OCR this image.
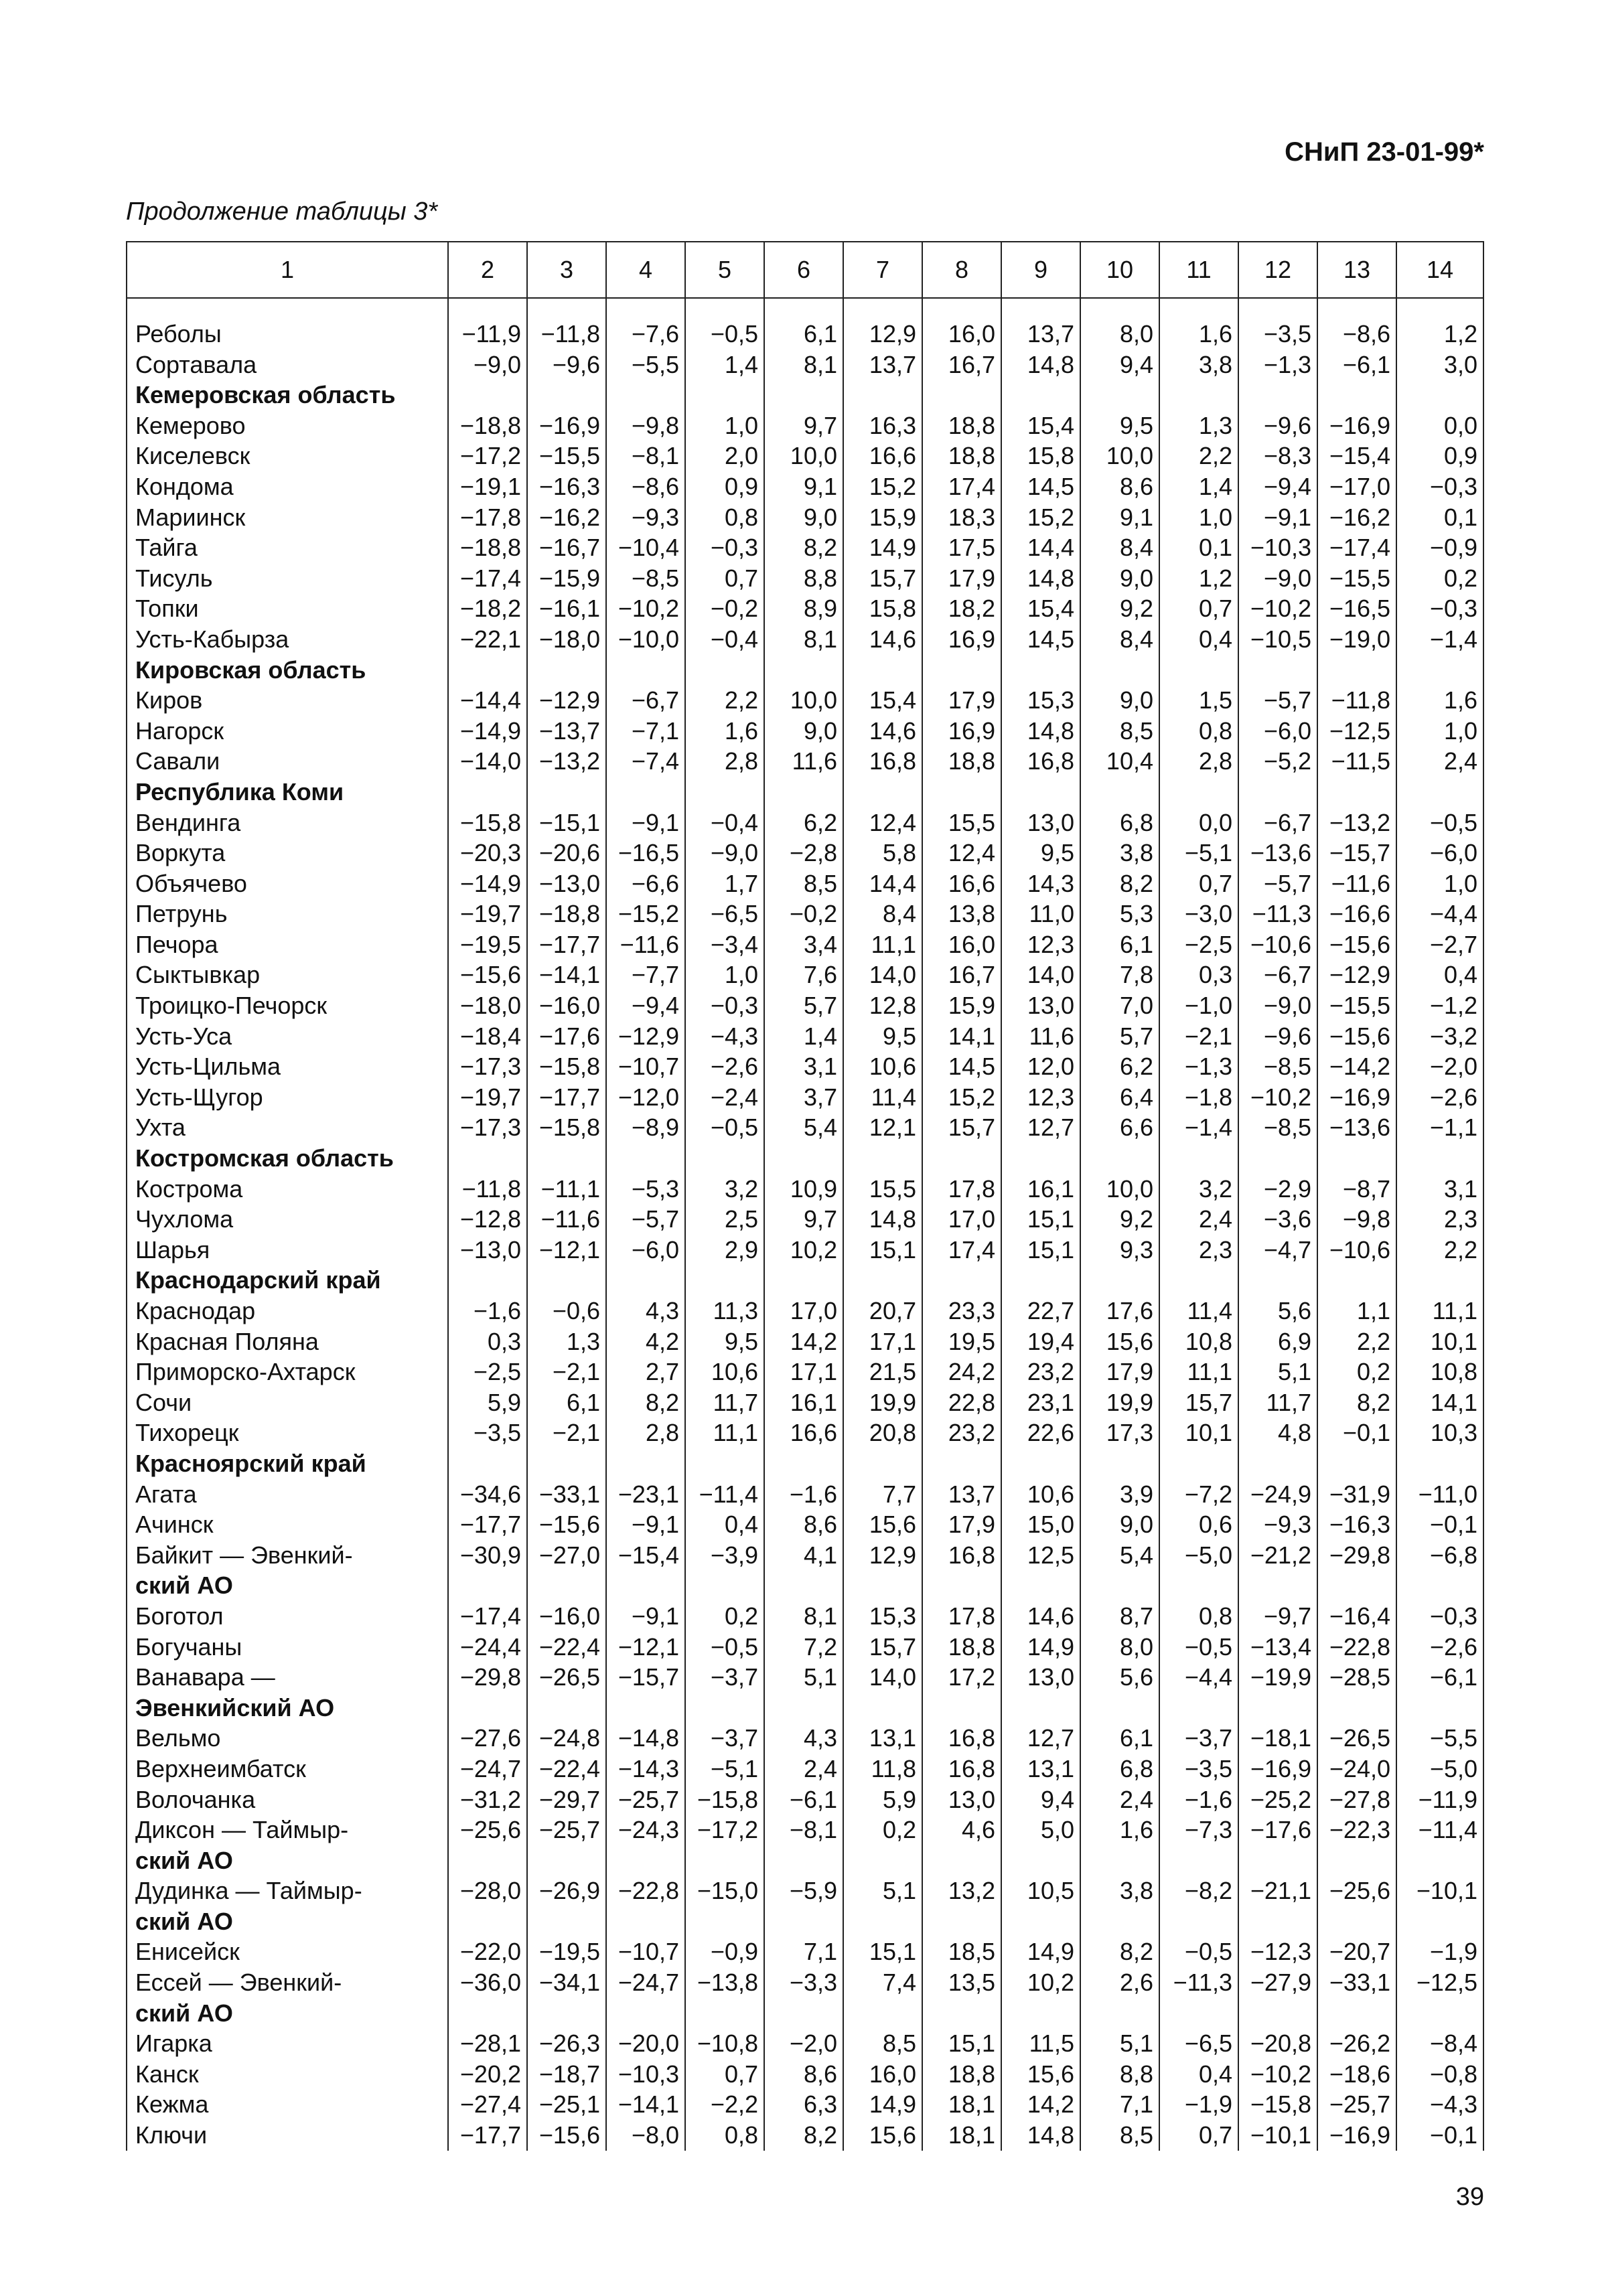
СНиП 23-01-99*
Продолжение таблицы 3*
1	2	3	4	5	6	7	8	9	10	11	12	13	14

Реболы	−11,9	−11,8	−7,6	−0,5	6,1	12,9	16,0	13,7	8,0	1,6	−3,5	−8,6	1,2
Сортавала	−9,0	−9,6	−5,5	1,4	8,1	13,7	16,7	14,8	9,4	3,8	−1,3	−6,1	3,0
Кемеровская область													
Кемерово	−18,8	−16,9	−9,8	1,0	9,7	16,3	18,8	15,4	9,5	1,3	−9,6	−16,9	0,0
Киселевск	−17,2	−15,5	−8,1	2,0	10,0	16,6	18,8	15,8	10,0	2,2	−8,3	−15,4	0,9
Кондома	−19,1	−16,3	−8,6	0,9	9,1	15,2	17,4	14,5	8,6	1,4	−9,4	−17,0	−0,3
Мариинск	−17,8	−16,2	−9,3	0,8	9,0	15,9	18,3	15,2	9,1	1,0	−9,1	−16,2	0,1
Тайга	−18,8	−16,7	−10,4	−0,3	8,2	14,9	17,5	14,4	8,4	0,1	−10,3	−17,4	−0,9
Тисуль	−17,4	−15,9	−8,5	0,7	8,8	15,7	17,9	14,8	9,0	1,2	−9,0	−15,5	0,2
Топки	−18,2	−16,1	−10,2	−0,2	8,9	15,8	18,2	15,4	9,2	0,7	−10,2	−16,5	−0,3
Усть-Кабырза	−22,1	−18,0	−10,0	−0,4	8,1	14,6	16,9	14,5	8,4	0,4	−10,5	−19,0	−1,4
Кировская область													
Киров	−14,4	−12,9	−6,7	2,2	10,0	15,4	17,9	15,3	9,0	1,5	−5,7	−11,8	1,6
Нагорск	−14,9	−13,7	−7,1	1,6	9,0	14,6	16,9	14,8	8,5	0,8	−6,0	−12,5	1,0
Савали	−14,0	−13,2	−7,4	2,8	11,6	16,8	18,8	16,8	10,4	2,8	−5,2	−11,5	2,4
Республика Коми													
Вендинга	−15,8	−15,1	−9,1	−0,4	6,2	12,4	15,5	13,0	6,8	0,0	−6,7	−13,2	−0,5
Воркута	−20,3	−20,6	−16,5	−9,0	−2,8	5,8	12,4	9,5	3,8	−5,1	−13,6	−15,7	−6,0
Объячево	−14,9	−13,0	−6,6	1,7	8,5	14,4	16,6	14,3	8,2	0,7	−5,7	−11,6	1,0
Петрунь	−19,7	−18,8	−15,2	−6,5	−0,2	8,4	13,8	11,0	5,3	−3,0	−11,3	−16,6	−4,4
Печора	−19,5	−17,7	−11,6	−3,4	3,4	11,1	16,0	12,3	6,1	−2,5	−10,6	−15,6	−2,7
Сыктывкар	−15,6	−14,1	−7,7	1,0	7,6	14,0	16,7	14,0	7,8	0,3	−6,7	−12,9	0,4
Троицко-Печорск	−18,0	−16,0	−9,4	−0,3	5,7	12,8	15,9	13,0	7,0	−1,0	−9,0	−15,5	−1,2
Усть-Уса	−18,4	−17,6	−12,9	−4,3	1,4	9,5	14,1	11,6	5,7	−2,1	−9,6	−15,6	−3,2
Усть-Цильма	−17,3	−15,8	−10,7	−2,6	3,1	10,6	14,5	12,0	6,2	−1,3	−8,5	−14,2	−2,0
Усть-Щугор	−19,7	−17,7	−12,0	−2,4	3,7	11,4	15,2	12,3	6,4	−1,8	−10,2	−16,9	−2,6
Ухта	−17,3	−15,8	−8,9	−0,5	5,4	12,1	15,7	12,7	6,6	−1,4	−8,5	−13,6	−1,1
Костромская область													
Кострома	−11,8	−11,1	−5,3	3,2	10,9	15,5	17,8	16,1	10,0	3,2	−2,9	−8,7	3,1
Чухлома	−12,8	−11,6	−5,7	2,5	9,7	14,8	17,0	15,1	9,2	2,4	−3,6	−9,8	2,3
Шарья	−13,0	−12,1	−6,0	2,9	10,2	15,1	17,4	15,1	9,3	2,3	−4,7	−10,6	2,2
Краснодарский край													
Краснодар	−1,6	−0,6	4,3	11,3	17,0	20,7	23,3	22,7	17,6	11,4	5,6	1,1	11,1
Красная Поляна	0,3	1,3	4,2	9,5	14,2	17,1	19,5	19,4	15,6	10,8	6,9	2,2	10,1
Приморско-Ахтарск	−2,5	−2,1	2,7	10,6	17,1	21,5	24,2	23,2	17,9	11,1	5,1	0,2	10,8
Сочи	5,9	6,1	8,2	11,7	16,1	19,9	22,8	23,1	19,9	15,7	11,7	8,2	14,1
Тихорецк	−3,5	−2,1	2,8	11,1	16,6	20,8	23,2	22,6	17,3	10,1	4,8	−0,1	10,3
Красноярский край													
Агата	−34,6	−33,1	−23,1	−11,4	−1,6	7,7	13,7	10,6	3,9	−7,2	−24,9	−31,9	−11,0
Ачинск	−17,7	−15,6	−9,1	0,4	8,6	15,6	17,9	15,0	9,0	0,6	−9,3	−16,3	−0,1
Байкит — Эвенкий-	−30,9	−27,0	−15,4	−3,9	4,1	12,9	16,8	12,5	5,4	−5,0	−21,2	−29,8	−6,8
ский АО													
Боготол	−17,4	−16,0	−9,1	0,2	8,1	15,3	17,8	14,6	8,7	0,8	−9,7	−16,4	−0,3
Богучаны	−24,4	−22,4	−12,1	−0,5	7,2	15,7	18,8	14,9	8,0	−0,5	−13,4	−22,8	−2,6
Ванавара —	−29,8	−26,5	−15,7	−3,7	5,1	14,0	17,2	13,0	5,6	−4,4	−19,9	−28,5	−6,1
Эвенкийский АО													
Вельмо	−27,6	−24,8	−14,8	−3,7	4,3	13,1	16,8	12,7	6,1	−3,7	−18,1	−26,5	−5,5
Верхнеимбатск	−24,7	−22,4	−14,3	−5,1	2,4	11,8	16,8	13,1	6,8	−3,5	−16,9	−24,0	−5,0
Волочанка	−31,2	−29,7	−25,7	−15,8	−6,1	5,9	13,0	9,4	2,4	−1,6	−25,2	−27,8	−11,9
Диксон — Таймыр-	−25,6	−25,7	−24,3	−17,2	−8,1	0,2	4,6	5,0	1,6	−7,3	−17,6	−22,3	−11,4
ский АО													
Дудинка — Таймыр-	−28,0	−26,9	−22,8	−15,0	−5,9	5,1	13,2	10,5	3,8	−8,2	−21,1	−25,6	−10,1
ский АО													
Енисейск	−22,0	−19,5	−10,7	−0,9	7,1	15,1	18,5	14,9	8,2	−0,5	−12,3	−20,7	−1,9
Ессей — Эвенкий-	−36,0	−34,1	−24,7	−13,8	−3,3	7,4	13,5	10,2	2,6	−11,3	−27,9	−33,1	−12,5
ский АО													
Игарка	−28,1	−26,3	−20,0	−10,8	−2,0	8,5	15,1	11,5	5,1	−6,5	−20,8	−26,2	−8,4
Канск	−20,2	−18,7	−10,3	0,7	8,6	16,0	18,8	15,6	8,8	0,4	−10,2	−18,6	−0,8
Кежма	−27,4	−25,1	−14,1	−2,2	6,3	14,9	18,1	14,2	7,1	−1,9	−15,8	−25,7	−4,3
Ключи	−17,7	−15,6	−8,0	0,8	8,2	15,6	18,1	14,8	8,5	0,7	−10,1	−16,9	−0,1
39
